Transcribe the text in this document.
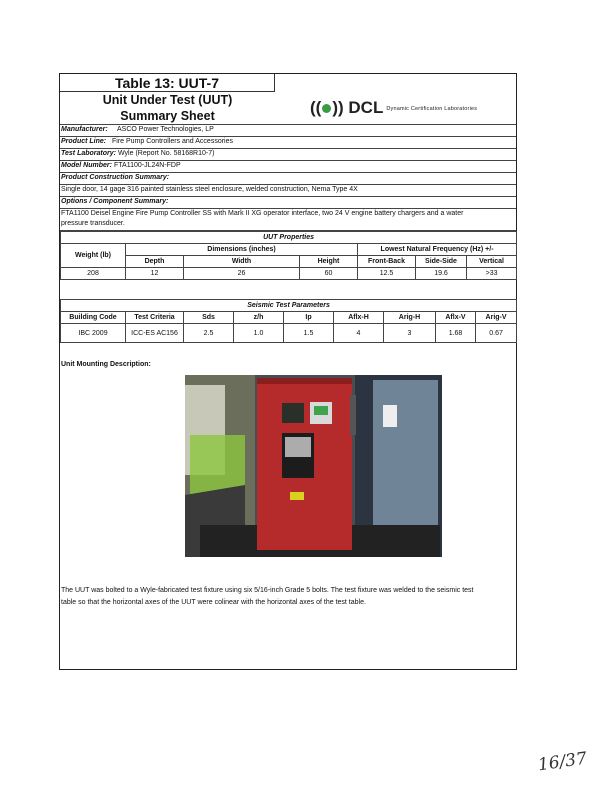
Table 13: UUT-7
Unit Under Test (UUT)
Summary Sheet	(( )) DCL Dynamic Certification Laboratories
Manufacturer: ASCO Power Technologies, LP
Product Line: Fire Pump Controllers and Accessories
Test Laboratory: Wyle (Report No. 58168R10-7)
Model Number: FTA1100-JL24N-FDP
Product Construction Summary:
Single door, 14 gage 316 painted stainless steel enclosure, welded construction, Nema Type 4X
Options / Component Summary:
FTA1100 Deisel Engine Fire Pump Controller SS with Mark II XG operator interface, two 24 V engine battery chargers and a water
pressure transducer.
UUT Properties						
Weight (lb)	Dimensions (inches)			Lowest Natural Frequency (Hz) +/-		
	Depth	Width	Height	Front-Back	Side-Side	Vertical
208	12	26	60	12.5	19.6	>33
Seismic Test Parameters								
Building Code	Test Criteria	Sds	z/h	Ip	Aflx-H	Arig-H	Aflx-V	Arig-V
IBC 2009	ICC-ES AC156	2.5	1.0	1.5	4	3	1.68	0.67
Unit Mounting Description:
The UUT was bolted to a Wyle-fabricated test fixture using six 5/16-inch Grade 5 bolts. The test fixture was welded to the seismic test
table so that the horizontal axes of the UUT were colinear with the horizontal axes of the test table.
16/37
